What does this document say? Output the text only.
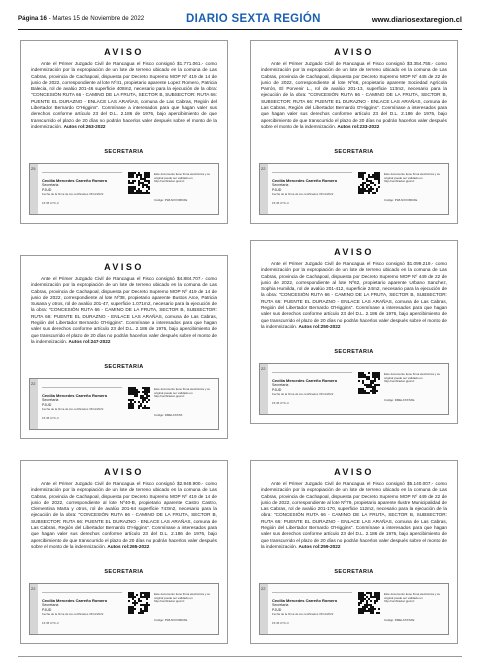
Página 16 - Martes 15 de Noviembre de 2022	DIARIO SEXTA REGIÓN	www.diariosextaregion.cl
AVISO
Ante el Primer Juzgado Civil de Rancagua el Fisco consignó $1.771.061.- como indemnización por la expropiación de un lote de terreno ubicado en la comuna de Las Cabras, provincia de Cachapoal, dispuesta por Decreto Supremo MOP Nº 419 de 14 de junio de 2022, correspondiente al lote Nº41, propietario aparente Lopez Romero, Patricia Balecia, rol de avalúo 201-46 superficie 408m2, necesario para la ejecución de la obra: "CONCESIÓN RUTA 66 - CAMINO DE LA FRUTA, SECTOR B, SUBSECTOR: RUTA 66: PUENTE EL DURAZNO - ENLACE LAS ARAÑAS, comuna de Las Cabras, Región del Libertador Bernardo O'Higgins". Conmínase a interesados para que hagan valer sus derechos conforme artículo 23 del D.L. 2.186 de 1976, bajo apercibimiento de que transcurrido el plazo de 20 días no podrán hacerlos valer después sobre el monto de la indemnización. Autos rol:263-2022
SECRETARIA
25
Cecilia Mercedes Carreño Romero
Secretaria
PJUD
Fecha de la firma de los certificados 15/11/2022
15:45 UTC-3
Este documento tiene firma electrónica y su original puede ser validado en http://verificadoc.pjud.cl
Código: PWLNXXXMNXE
AVISO
Ante el Primer Juzgado Civil de Rancagua el Fisco consignó $3.354.755.- como indemnización por la expropiación de un lote de terreno ubicado en la comuna de Las Cabras, provincia de Cachapoal, dispuesta por Decreto Supremo MOP Nº 445 de 22 de junio de 2022, correspondiente al lote Nº66, propietario aparente Sociedad Agrícola Parrón, El Porvenir L., rol de avalúo 201-13, superficie 113m2, necesario para la ejecución de la obra: "CONCESIÓN RUTA 66 - CAMINO DE LA FRUTA, SECTOR B, SUBSECTOR: RUTA 66: PUENTE EL DURAZNO - ENLACE LAS ARAÑAS, comuna de Las Cabras, Región del Libertador Bernardo O'Higgins". Conmínase a interesados para que hagan valer sus derechos conforme artículo 23 del D.L. 2.186 de 1976, bajo apercibimiento de que transcurrido el plazo de 20 días no podrán hacerlos valer después sobre el monto de la indemnización. Autos rol:233-2022
SECRETARIA
22
Cecilia Mercedes Carreño Romero
Secretaria
PJUD
Fecha de la firma de los certificados 15/11/2022
15:45 UTC-3
Este documento tiene firma electrónica y su original puede ser validado en http://verificadoc.pjud.cl
Código: PWLNXXXMNXE
AVISO
Ante el Primer Juzgado Civil de Rancagua el Fisco consignó $4.884.707.- como indemnización por la expropiación de un lote de terreno ubicado en la comuna de Las Cabras, provincia de Cachapoal, dispuesta por Decreto Supremo MOP Nº 419 de 14 de junio de 2022, correspondiente al lote Nº38, propietario aparente Bustos Arce, Patricia Susana y otros, rol de avalúo 201-47, superficie 1.071m2, necesario para la ejecución de la obra: "CONCESIÓN RUTA 66 - CAMINO DE LA FRUTA, SECTOR B, SUBSECTOR: RUTA 66: PUENTE EL DURAZNO - ENLACE LAS ARAÑAS, comuna de Las Cabras, Región del Libertador Bernardo O'Higgins". Conmínase a interesados para que hagan valer sus derechos conforme artículo 23 del D.L. 2.186 de 1976, bajo apercibimiento de que transcurrido el plazo de 20 días no podrán hacerlos valer después sobre el monto de la indemnización. Autos rol:247-2022
SECRETARIA
22
Cecilia Mercedes Carreño Romero
Secretaria
PJUD
Fecha de la firma de los certificados 15/11/2022
15:45 UTC-3
Este documento tiene firma electrónica y su original puede ser validado en http://verificadoc.pjud.cl
Código: DMELXXXSX
AVISO
Ante el Primer Juzgado Civil de Rancagua el Fisco consignó $1.099.219.- como indemnización por la expropiación de un lote de terreno ubicado en la comuna de Las Cabras, provincia de Cachapoal, dispuesta por Decreto Supremo MOP Nº 449 de 22 de junio de 2022, correspondiente al lote Nº62, propietario aparente Urbano Sanchez, Sophia Humilda, rol de avalúo 201-412, superficie 24m2, necesario para la ejecución de la obra: "CONCESIÓN RUTA 66 - CAMINO DE LA FRUTA, SECTOR B, SUBSECTOR: RUTA 66: PUENTE EL DURAZNO - ENLACE LAS ARAÑAS, comuna de Las Cabras, Región del Libertador Bernardo O'Higgins". Conmínase a interesados para que hagan valer sus derechos conforme artículo 23 del D.L. 2.186 de 1976, bajo apercibimiento de que transcurrido el plazo de 20 días no podrán hacerlos valer después sobre el monto de la indemnización. Autos rol:250-2022
SECRETARIA
22
Cecilia Mercedes Carreño Romero
Secretaria
PJUD
Fecha de la firma de los certificados 15/11/2022
15:45 UTC-3
Este documento tiene firma electrónica y su original puede ser validado en http://verificadoc.pjud.cl
Código: DMELXXXSXE
AVISO
Ante el Primer Juzgado Civil de Rancagua el Fisco consignó $2.948.900.- como indemnización por la expropiación de un lote de terreno ubicado en la comuna de Las Cabras, provincia de Cachapoal, dispuesta por Decreto Supremo MOP Nº 419 de 14 de junio de 2022, correspondiente al lote Nº40-B, propietario aparente Castro Castro, Clementina Marta y otros, rol de avalúo 201-64 superficie 743m2, necesario para la ejecución de la obra: "CONCESIÓN RUTA 66 - CAMINO DE LA FRUTA, SECTOR B, SUBSECTOR: RUTA 66: PUENTE EL DURAZNO - ENLACE LAS ARAÑAS, comuna de Las Cabras, Región del Libertador Bernardo O'Higgins". Conmínase a interesados para que hagan valer sus derechos conforme artículo 23 del D.L. 2.186 de 1976, bajo apercibimiento de que transcurrido el plazo de 20 días no podrán hacerlos valer después sobre el monto de la indemnización. Autos rol:265-2022
SECRETARIA
22
Cecilia Mercedes Carreño Romero
Secretaria
PJUD
Fecha de la firma de los certificados 15/11/2022
15:45 UTC-3
Este documento tiene firma electrónica y su original puede ser validado en http://verificadoc.pjud.cl
Código: PWLNXXXMNXE
AVISO
Ante el Primer Juzgado Civil de Rancagua el Fisco consignó $5.140.007.- como indemnización por la expropiación de un lote de terreno ubicado en la comuna de Las Cabras, provincia de Cachapoal, dispuesta por Decreto Supremo MOP Nº 449 de 22 de junio de 2022, correspondiente al lote Nº79, propietario aparente Ilustre Municipalidad de Las Cabras, rol de avalúo 201-170, superficie 112m2, necesario para la ejecución de la obra: "CONCESIÓN RUTA 66 - CAMINO DE LA FRUTA, SECTOR B, SUBSECTOR: RUTA 66: PUENTE EL DURAZNO - ENLACE LAS ARAÑAS, comuna de Las Cabras, Región del Libertador Bernardo O'Higgins". Conmínase a interesados para que hagan valer sus derechos conforme artículo 23 del D.L. 2.186 de 1976, bajo apercibimiento de que transcurrido el plazo de 20 días no podrán hacerlos valer después sobre el monto de la indemnización. Autos rol:259-2022
SECRETARIA
22
Cecilia Mercedes Carreño Romero
Secretaria
PJUD
Fecha de la firma de los certificados 15/11/2022
15:45 UTC-3
Este documento tiene firma electrónica y su original puede ser validado en http://verificadoc.pjud.cl
Código: DMELXXXSXE
